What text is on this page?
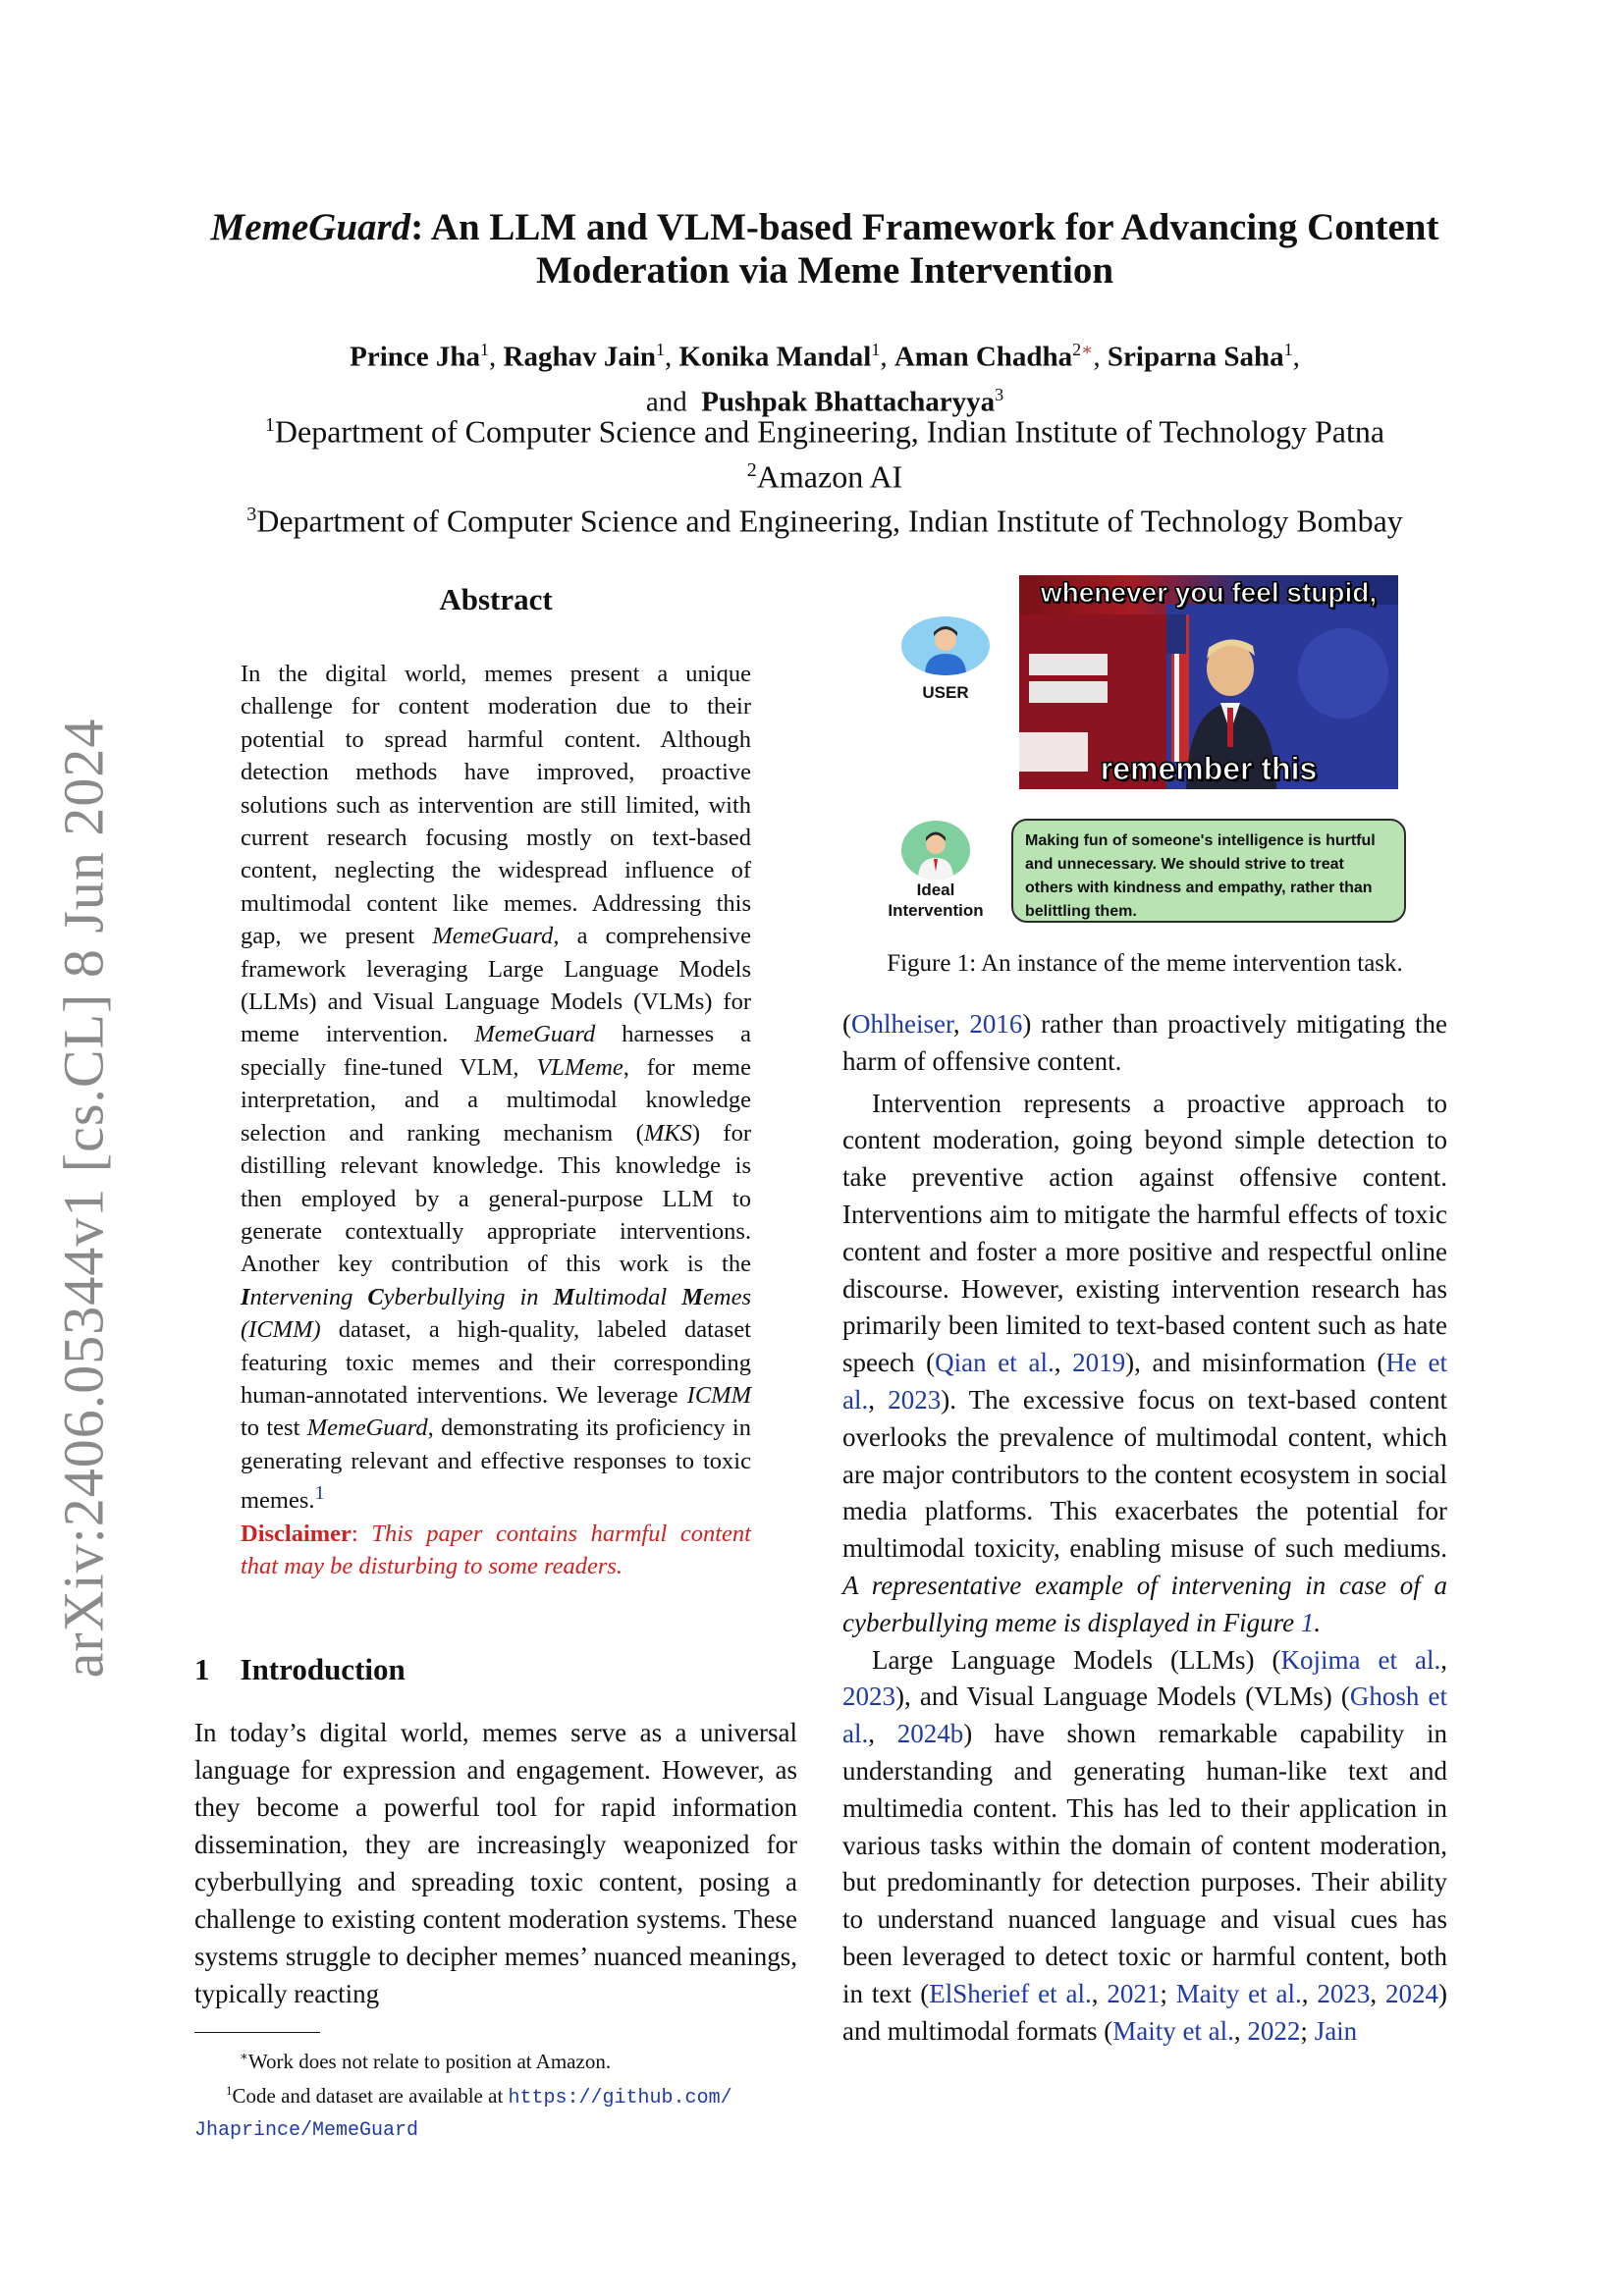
arXiv:2406.05344v1 [cs.CL] 8 Jun 2024
MemeGuard: An LLM and VLM-based Framework for Advancing Content Moderation via Meme Intervention
Prince Jha$^1$, Raghav Jain$^1$, Konika Mandal$^1$, Aman Chadha$^{2∗}$, Sriparna Saha$^1$,
and Pushpak Bhattacharyya$^3$
$^1$Department of Computer Science and Engineering, Indian Institute of Technology Patna
$^2$Amazon AI
$^3$Department of Computer Science and Engineering, Indian Institute of Technology Bombay
Abstract
In the digital world, memes present a unique challenge for content moderation due to their potential to spread harmful content. Although detection methods have improved, proactive solutions such as intervention are still limited, with current research focusing mostly on text-based content, neglecting the widespread influence of multimodal content like memes. Addressing this gap, we present MemeGuard, a comprehensive framework leveraging Large Language Models (LLMs) and Visual Language Models (VLMs) for meme intervention. MemeGuard harnesses a specially fine-tuned VLM, VLMeme, for meme interpretation, and a multimodal knowledge selection and ranking mechanism (MKS) for distilling relevant knowledge. This knowledge is then employed by a general-purpose LLM to generate contextually appropriate interventions. Another key contribution of this work is the Intervening Cyberbullying in Multimodal Memes (ICMM) dataset, a high-quality, labeled dataset featuring toxic memes and their corresponding human-annotated interventions. We leverage ICMM to test MemeGuard, demonstrating its proficiency in generating relevant and effective responses to toxic memes.$^1$
Disclaimer: This paper contains harmful content that may be disturbing to some readers.
1 Introduction
In today’s digital world, memes serve as a universal language for expression and engagement. However, as they become a powerful tool for rapid information dissemination, they are increasingly weaponized for cyberbullying and spreading toxic content, posing a challenge to existing content moderation systems. These systems struggle to decipher memes’ nuanced meanings, typically reacting
∗Work does not relate to position at Amazon.
$^1$Code and dataset are available at https://github.com/
Jhaprince/MemeGuard
USER
whenever you feel stupid,
remember this
Ideal
Intervention
Making fun of someone's intelligence is hurtful and unnecessary. We should strive to treat others with kindness and empathy, rather than belittling them.
Figure 1: An instance of the meme intervention task.

(Ohlheiser, 2016) rather than proactively mitigating the harm of offensive content.

Intervention represents a proactive approach to content moderation, going beyond simple detection to take preventive action against offensive content. Interventions aim to mitigate the harmful effects of toxic content and foster a more positive and respectful online discourse. However, existing intervention research has primarily been limited to text-based content such as hate speech (Qian et al., 2019), and misinformation (He et al., 2023). The excessive focus on text-based content overlooks the prevalence of multimodal content, which are major contributors to the content ecosystem in social media platforms. This exacerbates the potential for multimodal toxicity, enabling misuse of such mediums. A representative example of intervening in case of a cyberbullying meme is displayed in Figure 1.

Large Language Models (LLMs) (Kojima et al., 2023), and Visual Language Models (VLMs) (Ghosh et al., 2024b) have shown remarkable capability in understanding and generating human-like text and multimedia content. This has led to their application in various tasks within the domain of content moderation, but predominantly for detection purposes. Their ability to understand nuanced language and visual cues has been leveraged to detect toxic or harmful content, both in text (ElSherief et al., 2021; Maity et al., 2023, 2024) and multimodal formats (Maity et al., 2022; Jain
